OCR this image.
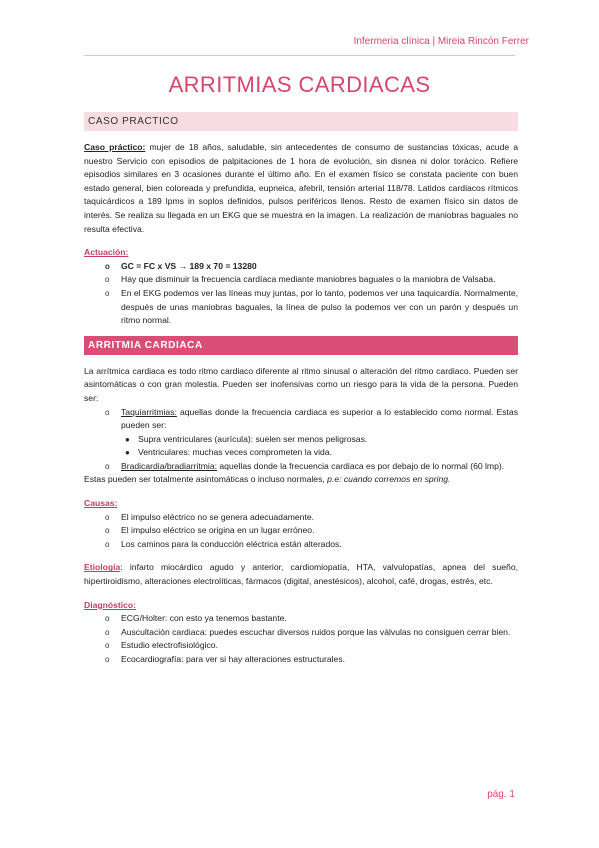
Infermeria clínica | Mireia Rincón Ferrer
ARRITMIAS CARDIACAS
CASO PRACTICO

Caso práctico: mujer de 18 años, saludable, sin antecedentes de consumo de sustancias tóxicas, acude a nuestro Servicio con episodios de palpitaciones de 1 hora de evolución, sin disnea ni dolor torácico. Refiere episodios similares en 3 ocasiones durante el último año. En el examen físico se constata paciente con buen estado general, bien coloreada y prefundida, eupneica, afebril, tensión arterial 118/78. Latidos cardiacos rítmicos taquicárdicos a 189 lpms in soplos definidos, pulsos periféricos llenos. Resto de examen físico sin datos de interés. Se realiza su llegada en un EKG que se muestra en la imagen. La realización de maniobras baguales no resulta efectiva.

Actuación:
o GC = FC x VS → 189 x 70 = 13280
o Hay que disminuir la frecuencia cardíaca mediante maniobres baguales o la maniobra de Valsaba.
o En el EKG podemos ver las líneas muy juntas, por lo tanto, podemos ver una taquicardia. Normalmente, después de unas maniobras baguales, la línea de pulso la podemos ver con un parón y después un ritmo normal.
ARRITMIA CARDIACA

La arrítmica cardiaca es todo ritmo cardiaco diferente al ritmo sinusal o alteración del ritmo cardiaco. Pueden ser asintomáticas o con gran molestia. Pueden ser inofensivas como un riesgo para la vida de la persona. Pueden ser:

o Taquiarritmias: aquellas donde la frecuencia cardiaca es superior a lo establecido como normal. Estas pueden ser:
● Supra ventriculares (aurícula): suelen ser menos peligrosas.
● Ventriculares: muchas veces comprometen la vida.
o Bradicardia/bradiarritmia: aquellas donde la frecuencia cardiaca es por debajo de lo normal (60 lmp).

Estas pueden ser totalmente asintomáticas o incluso normales, p.e: cuando corremos en spring.

Causas:
o El impulso eléctrico no se genera adecuadamente.
o El impulso eléctrico se origina en un lugar erróneo.
o Los caminos para la conducción eléctrica están alterados.

Etiología: infarto miocárdico agudo y anterior, cardiomiopatía, HTA, valvulopatías, apnea del sueño, hipertiroidismo, alteraciones electrolíticas, fármacos (digital, anestésicos), alcohol, café, drogas, estrés, etc.

Diagnóstico:
o ECG/Holter: con esto ya tenemos bastante.
o Auscultación cardiaca: puedes escuchar diversos ruidos porque las válvulas no consiguen cerrar bien.
o Estudio electrofisiológico.
o Ecocardiografía: para ver si hay alteraciones estructurales.
pág. 1
